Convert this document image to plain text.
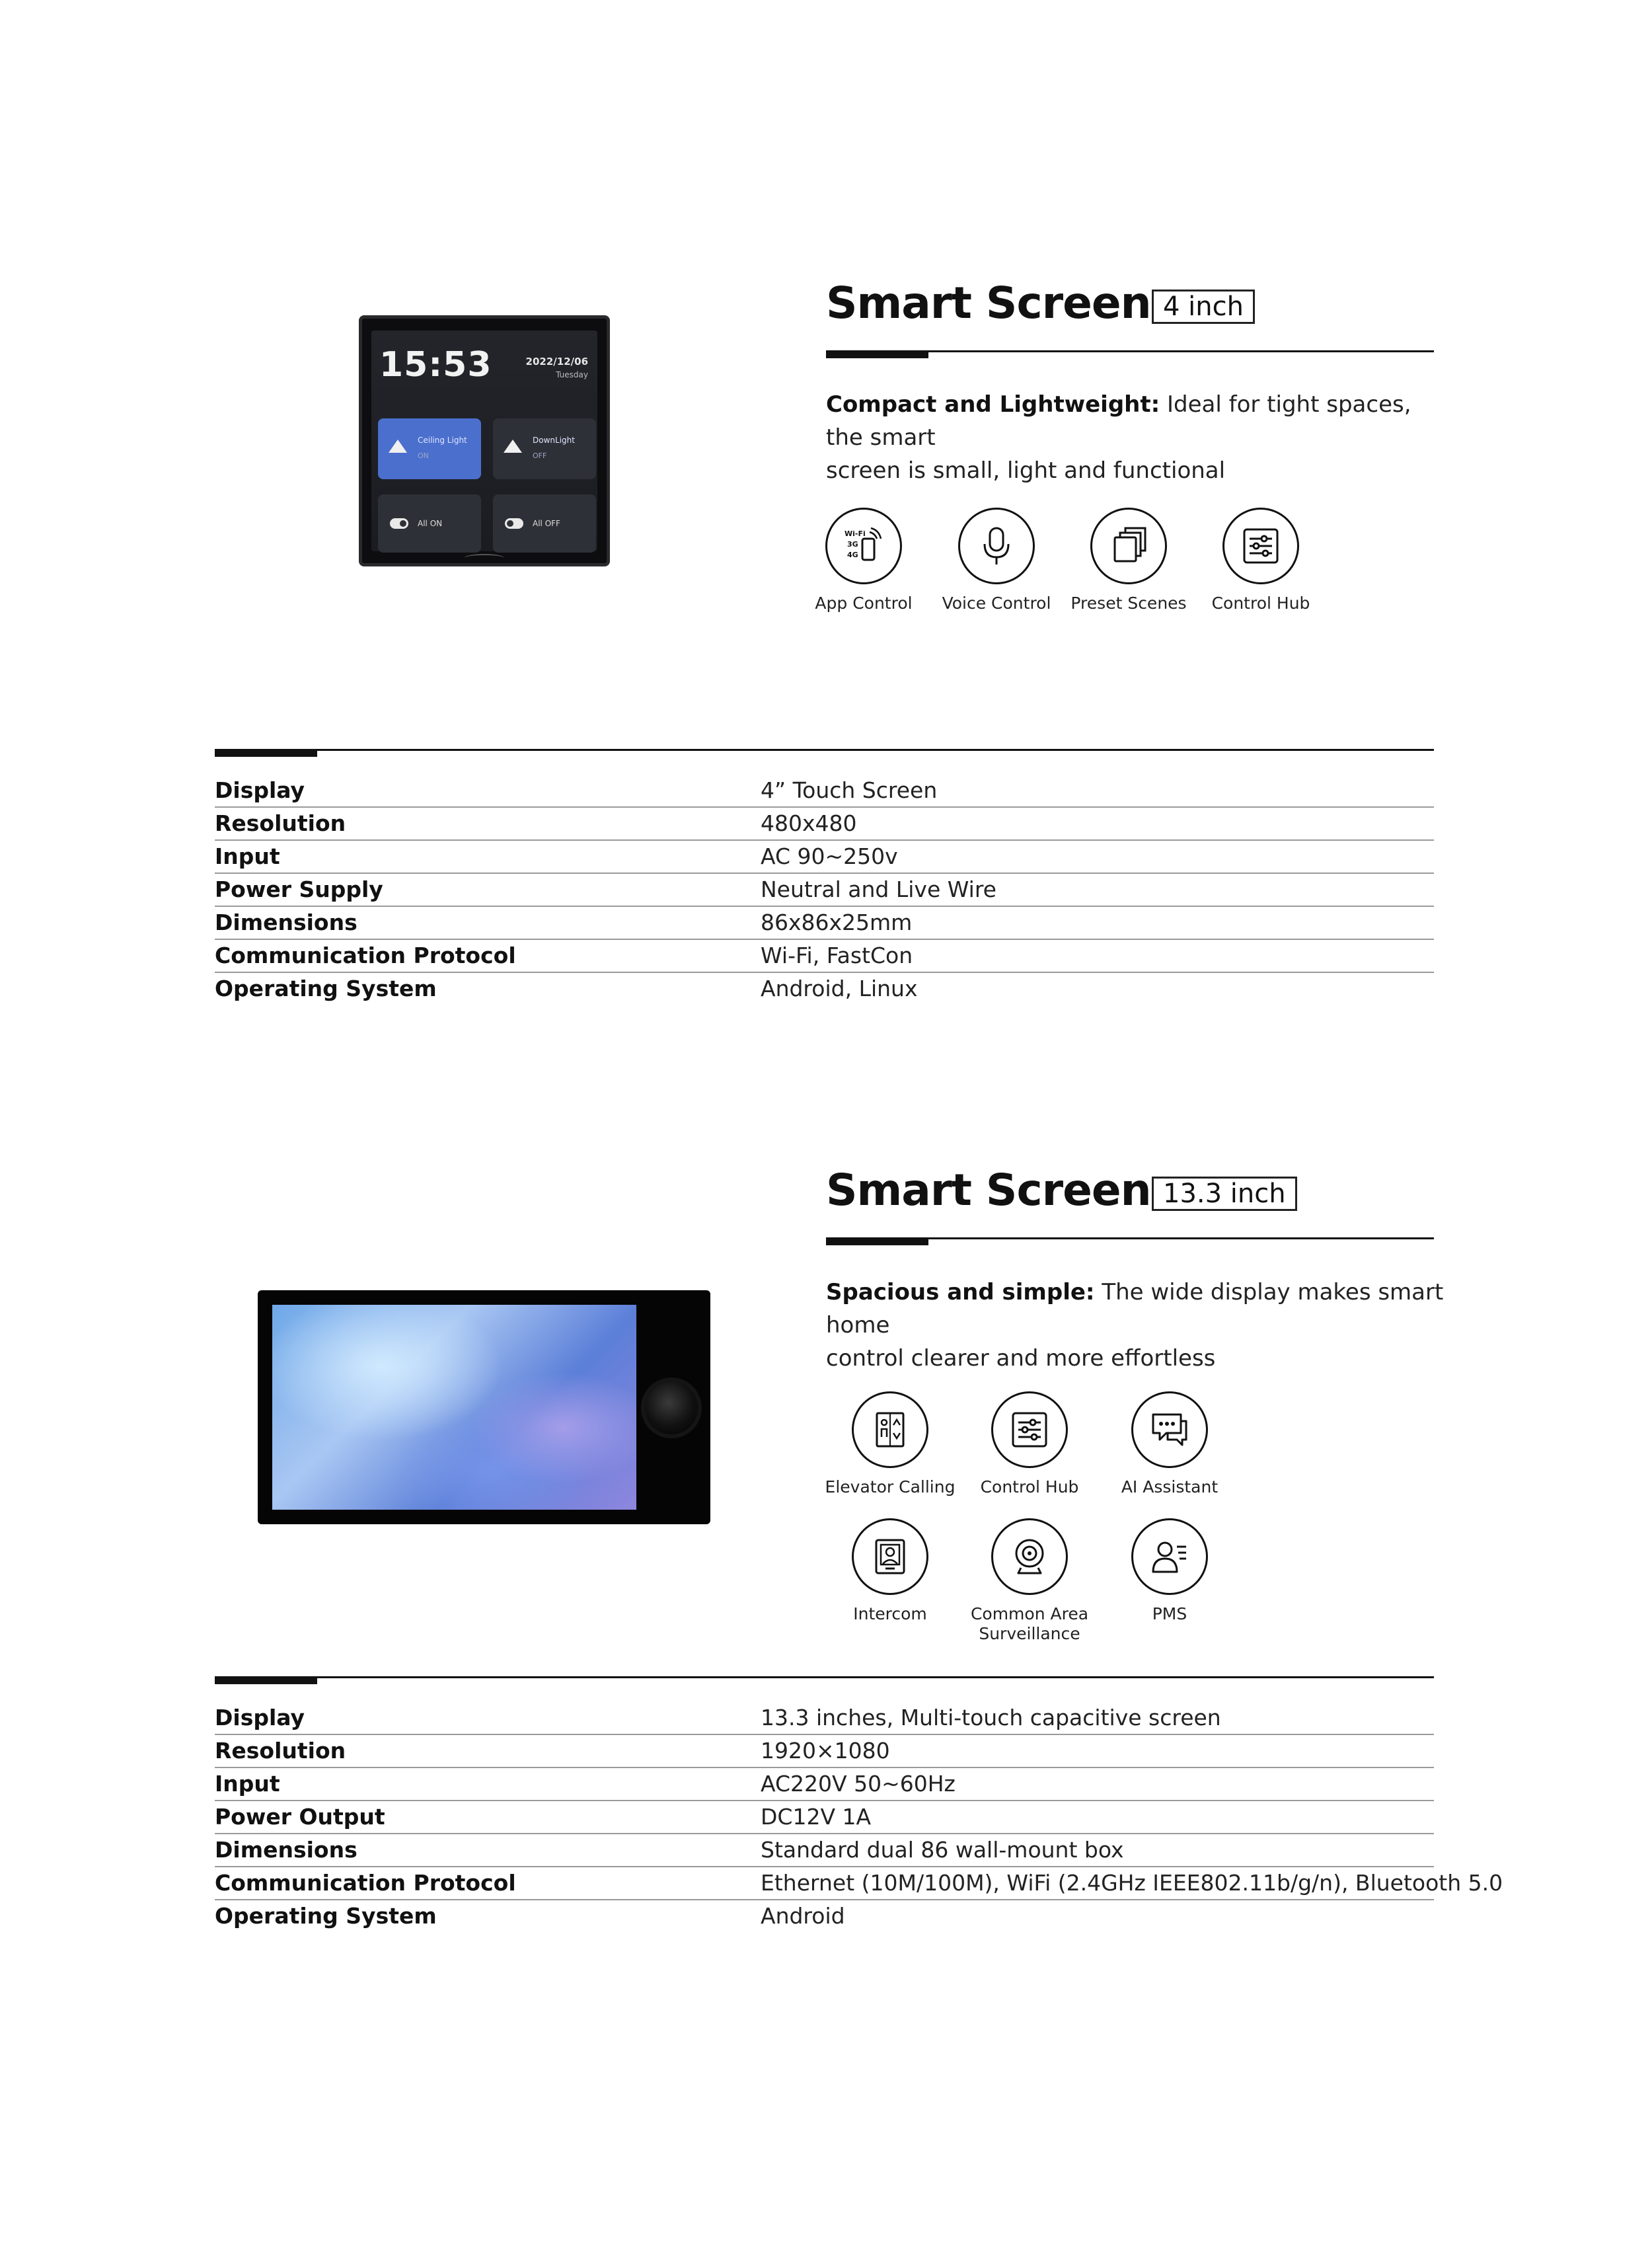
15:53	2022/12/06
Tuesday
Ceiling Light
ON
DownLight
OFF
All ON	All OFF
Smart Screen 4 inch
Compact and Lightweight: Ideal for tight spaces, the smart
screen is small, light and functional
Wi-Fi
3G
4G
App Control	Voice Control	Preset Scenes	Control Hub
Display	4” Touch Screen
Resolution	480x480
Input	AC 90~250v
Power Supply	Neutral and Live Wire
Dimensions	86x86x25mm
Communication Protocol	Wi-Fi, FastCon
Operating System	Android, Linux
Smart Screen 13.3 inch
Spacious and simple: The wide display makes smart home
control clearer and more effortless
Elevator Calling	Control Hub	AI Assistant
Intercom	Common Area Surveillance
PMS
Display	13.3 inches, Multi-touch capacitive screen
Resolution	1920×1080
Input	AC220V 50~60Hz
Power Output	DC12V 1A
Dimensions	Standard dual 86 wall-mount box
Communication Protocol	Ethernet (10M/100M), WiFi (2.4GHz IEEE802.11b/g/n), Bluetooth 5.0
Operating System	Android
